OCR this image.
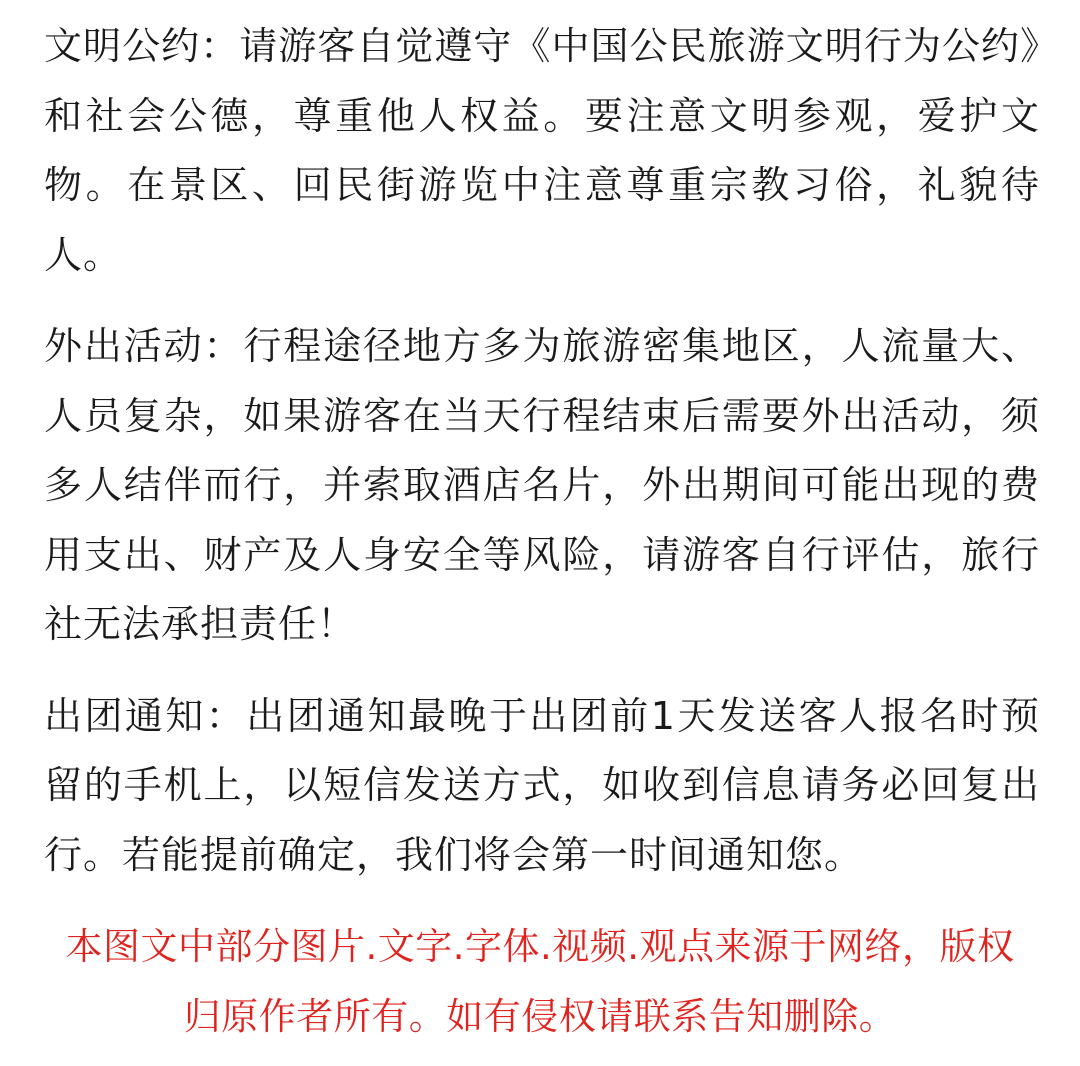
文明公约：请游客自觉遵守《中国公民旅游文明行为公约》和社会公德，尊重他人权益。要注意文明参观，爱护文物。在景区、回民街游览中注意尊重宗教习俗，礼貌待人。

外出活动：行程途径地方多为旅游密集地区，人流量大、人员复杂，如果游客在当天行程结束后需要外出活动，须多人结伴而行，并索取酒店名片，外出期间可能出现的费用支出、财产及人身安全等风险，请游客自行评估，旅行社无法承担责任！

出团通知：出团通知最晚于出团前1天发送客人报名时预留的手机上，以短信发送方式，如收到信息请务必回复出行。若能提前确定，我们将会第一时间通知您。

本图文中部分图片.文字.字体.视频.观点来源于网络，版权
归原作者所有。如有侵权请联系告知删除。
